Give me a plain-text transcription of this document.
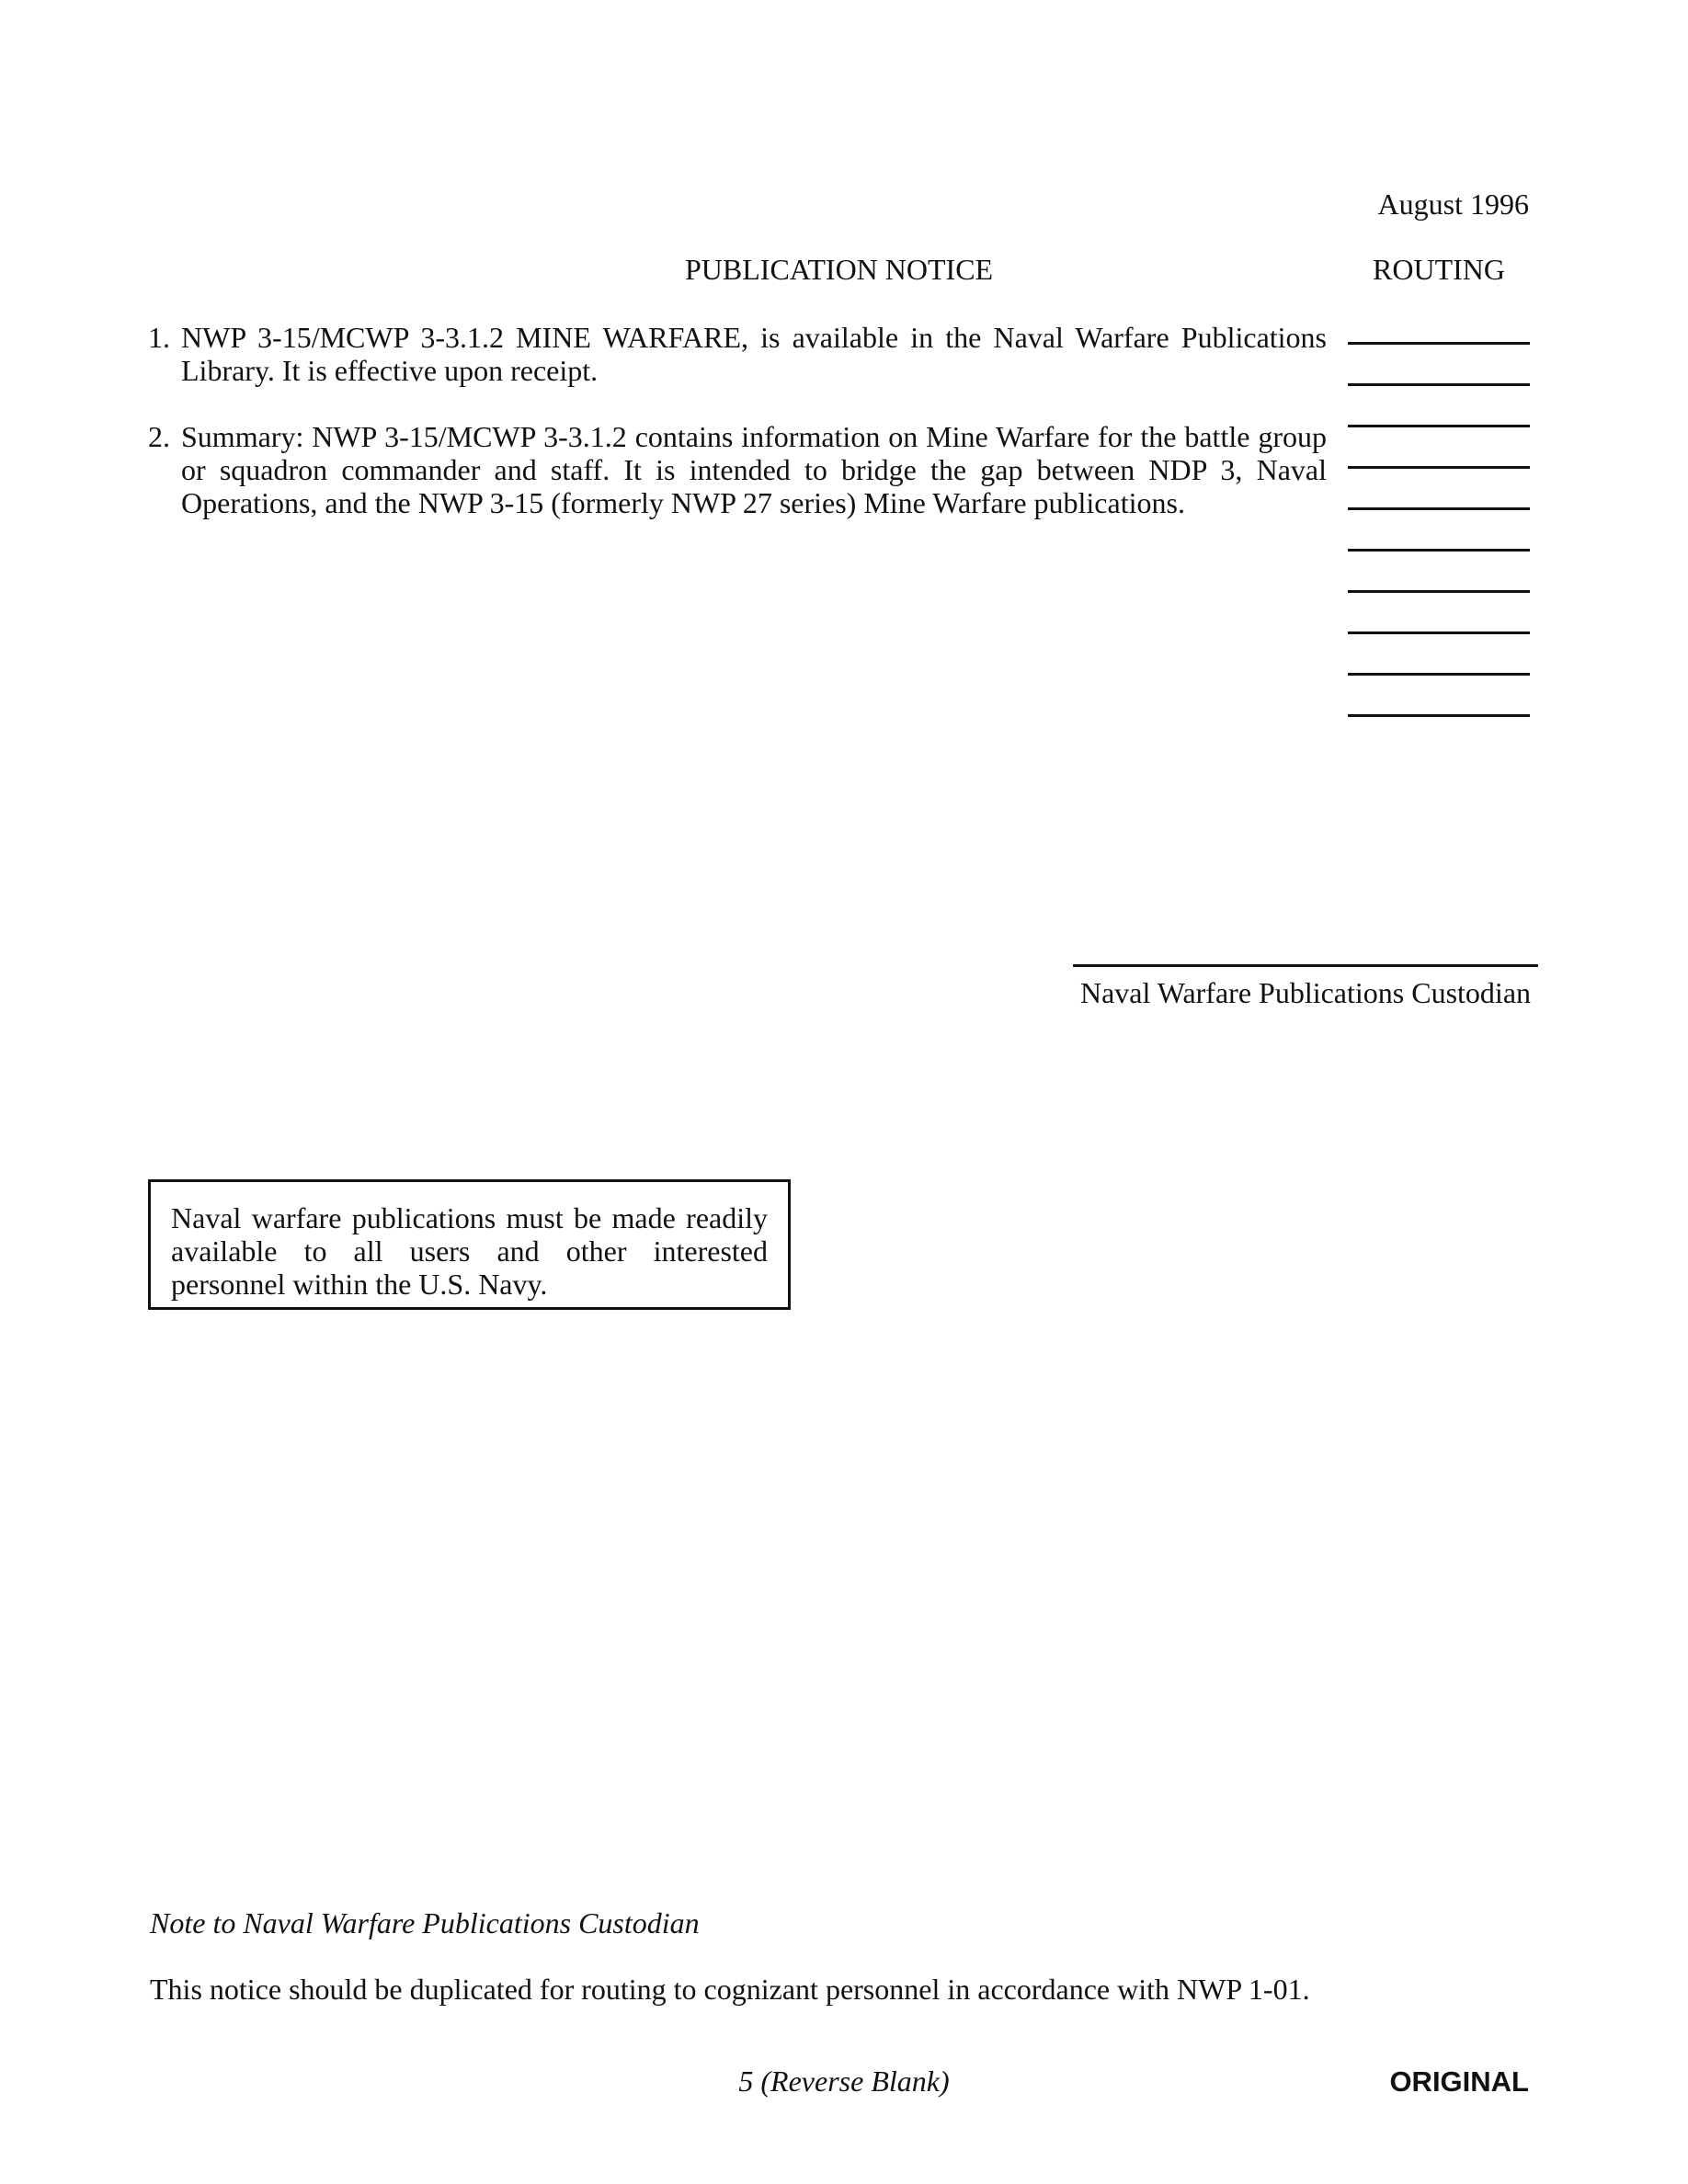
August 1996
PUBLICATION NOTICE	ROUTING
1. NWP 3-15/MCWP 3-3.1.2 MINE WARFARE, is available in the Naval Warfare Publications Library. It is effective upon receipt.
2. Summary: NWP 3-15/MCWP 3-3.1.2 contains information on Mine Warfare for the battle group or squadron commander and staff. It is intended to bridge the gap between NDP 3, Naval Operations, and the NWP 3-15 (formerly NWP 27 series) Mine Warfare publications.
Naval Warfare Publications Custodian
Naval warfare publications must be made readily available to all users and other interested personnel within the U.S. Navy.
Note to Naval Warfare Publications Custodian
This notice should be duplicated for routing to cognizant personnel in accordance with NWP 1-01.
5 (Reverse Blank)	ORIGINAL
